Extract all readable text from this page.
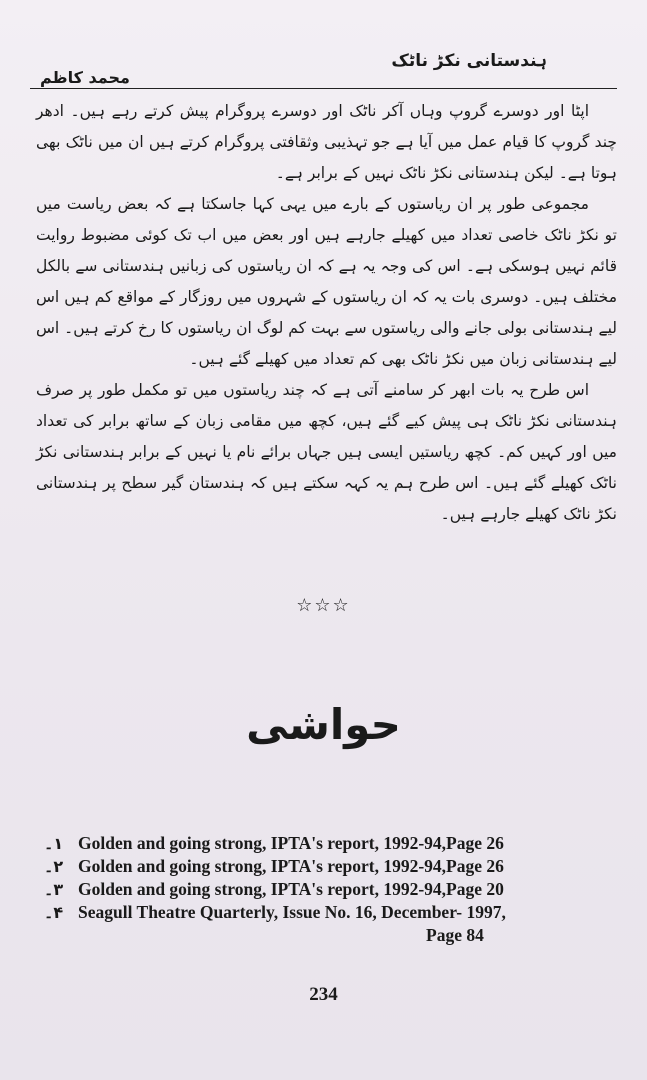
ہندستانی نکڑ ناٹک
محمد کاظم

اپٹا اور دوسرے گروپ وہاں آکر ناٹک اور دوسرے پروگرام پیش کرتے رہے ہیں۔ ادھر چند گروپ کا قیام عمل میں آیا ہے جو تہذیبی وثقافتی پروگرام کرتے ہیں ان میں ناٹک بھی ہوتا ہے۔ لیکن ہندستانی نکڑ ناٹک نہیں کے برابر ہے۔

مجموعی طور پر ان ریاستوں کے بارے میں یہی کہا جاسکتا ہے کہ بعض ریاست میں تو نکڑ ناٹک خاصی تعداد میں کھیلے جارہے ہیں اور بعض میں اب تک کوئی مضبوط روایت قائم نہیں ہوسکی ہے۔ اس کی وجہ یہ ہے کہ ان ریاستوں کی زبانیں ہندستانی سے بالکل مختلف ہیں۔ دوسری بات یہ کہ ان ریاستوں کے شہروں میں روزگار کے مواقع کم ہیں اس لیے ہندستانی بولی جانے والی ریاستوں سے بہت کم لوگ ان ریاستوں کا رخ کرتے ہیں۔ اس لیے ہندستانی زبان میں نکڑ ناٹک بھی کم تعداد میں کھیلے گئے ہیں۔

اس طرح یہ بات ابھر کر سامنے آتی ہے کہ چند ریاستوں میں تو مکمل طور پر صرف ہندستانی نکڑ ناٹک ہی پیش کیے گئے ہیں، کچھ میں مقامی زبان کے ساتھ برابر کی تعداد میں اور کہیں کم۔ کچھ ریاستیں ایسی ہیں جہاں برائے نام یا نہیں کے برابر ہندستانی نکڑ ناٹک کھیلے گئے ہیں۔ اس طرح ہم یہ کہہ سکتے ہیں کہ ہندستان گیر سطح پر ہندستانی نکڑ ناٹک کھیلے جارہے ہیں۔

☆☆☆
حواشی
۱۔ Golden and going strong, IPTA's report, 1992-94,Page 26
۲۔ Golden and going strong, IPTA's report, 1992-94,Page 26
۳۔ Golden and going strong, IPTA's report, 1992-94,Page 20
۴۔ Seagull Theatre Quarterly, Issue No. 16, December- 1997,
Page 84
234
